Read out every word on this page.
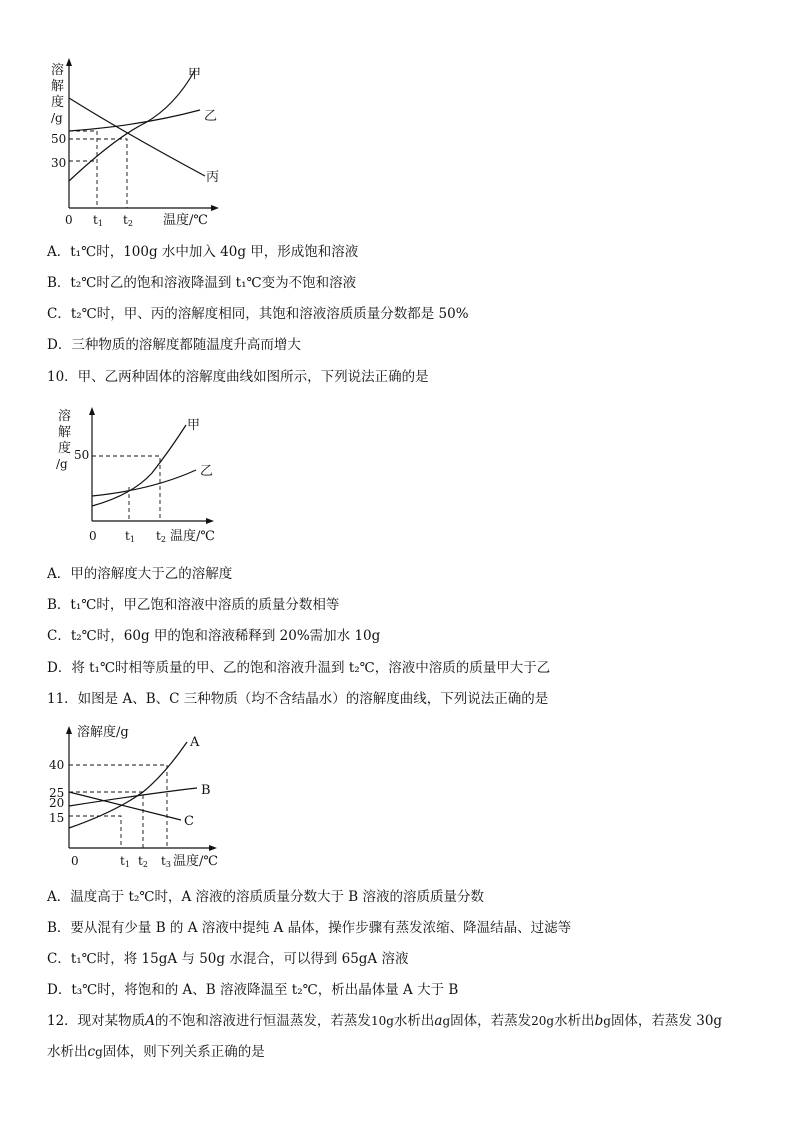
溶
解
度
/g
50
30
0 t1 t2 温度/℃
甲
乙
丙
A．t₁℃时，100g 水中加入 40g 甲，形成饱和溶液
B．t₂℃时乙的饱和溶液降温到 t₁℃变为不饱和溶液
C．t₂℃时，甲、丙的溶解度相同，其饱和溶液溶质质量分数都是 50%
D．三种物质的溶解度都随温度升高而增大
10．甲、乙两种固体的溶解度曲线如图所示，下列说法正确的是
溶
解
度
/g
50
0 t1 t2 温度/℃
甲
乙
A．甲的溶解度大于乙的溶解度
B．t₁℃时，甲乙饱和溶液中溶质的质量分数相等
C．t₂℃时，60g 甲的饱和溶液稀释到 20%需加水 10g
D．将 t₁℃时相等质量的甲、乙的饱和溶液升温到 t₂℃，溶液中溶质的质量甲大于乙
11．如图是 A、B、C 三种物质（均不含结晶水）的溶解度曲线，下列说法正确的是
溶解度/g
40
20
25
15
0	t1 t2 t3 温度/℃
A
B
C
A．温度高于 t₂℃时，A 溶液的溶质质量分数大于 B 溶液的溶质质量分数
B．要从混有少量 B 的 A 溶液中提纯 A 晶体，操作步骤有蒸发浓缩、降温结晶、过滤等
C．t₁℃时，将 15gA 与 50g 水混合，可以得到 65gA 溶液
D．t₃℃时，将饱和的 A、B 溶液降温至 t₂℃，析出晶体量 A 大于 B
12．现对某物质A的不饱和溶液进行恒温蒸发，若蒸发10g水析出ag固体，若蒸发20g水析出bg固体，若蒸发 30g
水析出cg固体，则下列关系正确的是
